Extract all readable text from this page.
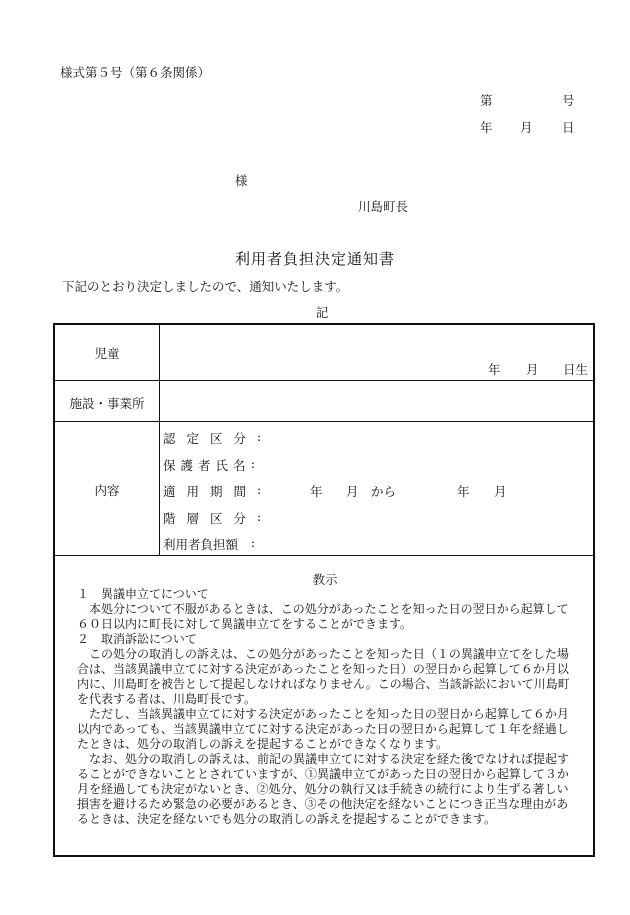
様式第５号（第６条関係）
第	号
年 月 日
様
川島町長
利用者負担決定通知書
下記のとおり決定しましたので、通知いたします。
記
児童
年 月 日生
施設・事業所
内容
認定区分 :
保護者氏名 :
適用期間 :
階層区分 :
利用者負担額 :
年 月 から	年 月
教示

１　異議申立てについて

　本処分について不服があるときは、この処分があったことを知った日の翌日から起算して

６０日以内に町長に対して異議申立てをすることができます。

２　取消訴訟について

　この処分の取消しの訴えは、この処分があったことを知った日（１の異議申立てをした場

合は、当該異議申立てに対する決定があったことを知った日）の翌日から起算して６か月以

内に、川島町を被告として提起しなければなりません。この場合、当該訴訟において川島町

を代表する者は、川島町長です。

　ただし、当該異議申立てに対する決定があったことを知った日の翌日から起算して６か月

以内であっても、当該異議申立てに対する決定があった日の翌日から起算して１年を経過し

たときは、処分の取消しの訴えを提起することができなくなります。

　なお、処分の取消しの訴えは、前記の異議申立てに対する決定を経た後でなければ提起す

ることができないこととされていますが、①異議申立てがあった日の翌日から起算して３か

月を経過しても決定がないとき、②処分、処分の執行又は手続きの続行により生ずる著しい

損害を避けるため緊急の必要があるとき、③その他決定を経ないことにつき正当な理由があ

るときは、決定を経ないでも処分の取消しの訴えを提起することができます。
